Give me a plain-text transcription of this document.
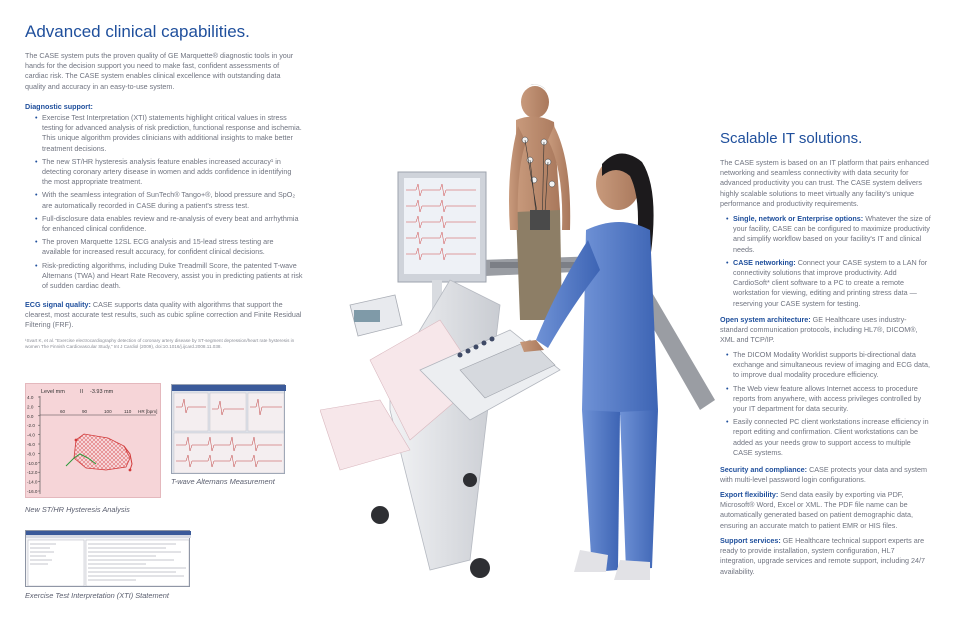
Advanced clinical capabilities.

The CASE system puts the proven quality of GE Marquette® diagnostic tools in your hands for the decision support you need to make fast, confident assessments of cardiac risk. The CASE system enables clinical excellence with outstanding data quality and accuracy in an easy-to-use system.

Diagnostic support:

• Exercise Test Interpretation (XTI) statements highlight critical values in stress testing for advanced analysis of risk prediction, functional response and ischemia. This unique algorithm provides clinicians with additional insights to make better treatment decisions.
• The new ST/HR hysteresis analysis feature enables increased accuracy¹ in detecting coronary artery disease in women and adds confidence in identifying the most appropriate treatment.
• With the seamless integration of SunTech® Tango+®, blood pressure and SpO₂ are automatically recorded in CASE during a patient's stress test.
• Full-disclosure data enables review and re-analysis of every beat and arrhythmia for enhanced clinical confidence.
• The proven Marquette 12SL ECG analysis and 15-lead stress testing are available for increased result accuracy, for confident clinical decisions.
• Risk-predicting algorithms, including Duke Treadmill Score, the patented T-wave Alternans (TWA) and Heart Rate Recovery, assist you in predicting patients at risk of sudden cardiac death.

ECG signal quality: CASE supports data quality with algorithms that support the clearest, most accurate test results, such as cubic spline correction and Finite Residual Filtering (FRF).

¹Svart K, et al. "Exercise electrocardiography detection of coronary artery disease by ST-segment depression/heart rate hysteresis in women The Finnish Cardiovascular Study," Int J Cardiol (2009), doi:10.1016/j.ijcard.2008.11.038.

Level mm	II -3.93 mm
4.0
2.0
0.0
-2.0
-4.0
-6.0
-8.0
-10.0
-12.0
-14.0
-16.0
60	90	100	110 HR [bpm]

New ST/HR Hysteresis Analysis

T-wave Alternans Measurement

Exercise Test Interpretation (XTI) Statement

Scalable IT solutions.

The CASE system is based on an IT platform that pairs enhanced networking and seamless connectivity with data security for advanced productivity you can trust. The CASE system delivers highly scalable solutions to meet virtually any facility's unique performance and productivity requirements.

• Single, network or Enterprise options: Whatever the size of your facility, CASE can be configured to maximize productivity and simplify workflow based on your facility's IT and clinical needs.
• CASE networking: Connect your CASE system to a LAN for connectivity solutions that improve productivity. Add CardioSoft* client software to a PC to create a remote workstation for viewing, editing and printing stress data — reserving your CASE system for testing.

Open system architecture: GE Healthcare uses industry-standard communication protocols, including HL7®, DICOM®, XML and TCP/IP.

• The DICOM Modality Worklist supports bi-directional data exchange and simultaneous review of imaging and ECG data, to improve dual modality procedure efficiency.
• The Web view feature allows Internet access to procedure reports from anywhere, with access privileges controlled by your IT department for data security.
• Easily connected PC client workstations increase efficiency in report editing and confirmation. Client workstations can be added as your needs grow to support access to multiple CASE systems.

Security and compliance: CASE protects your data and system with multi-level password login configurations.

Export flexibility: Send data easily by exporting via PDF, Microsoft® Word, Excel or XML. The PDF file name can be automatically generated based on patient demographic data, ensuring an accurate match to patient EMR or HIS files.

Support services: GE Healthcare technical support experts are ready to provide installation, system configuration, HL7 integration, upgrade services and remote support, including 24/7 availability.
